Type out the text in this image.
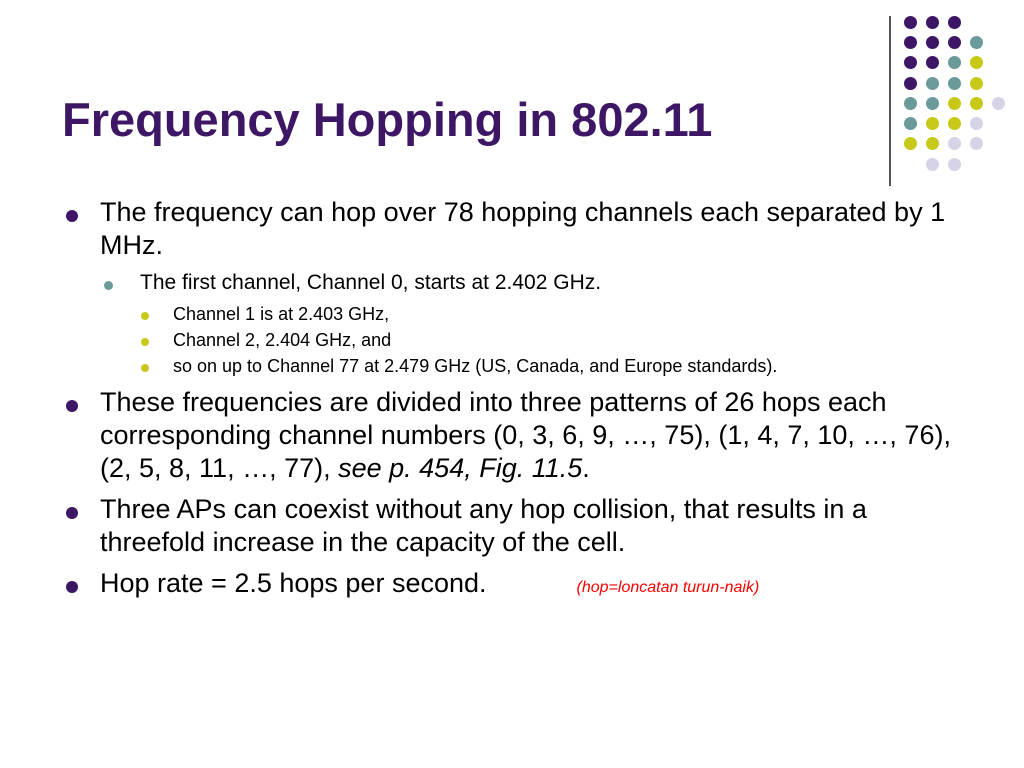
Frequency Hopping in 802.11
The frequency can hop over 78 hopping channels each separated by 1 MHz.
The first channel, Channel 0, starts at 2.402 GHz.
Channel 1 is at 2.403 GHz,
Channel 2, 2.404 GHz, and
so on up to Channel 77 at 2.479 GHz (US, Canada, and Europe standards).
These frequencies are divided into three patterns of 26 hops each corresponding channel numbers (0, 3, 6, 9, …, 75), (1, 4, 7, 10, …, 76), (2, 5, 8, 11, …, 77), see p. 454, Fig. 11.5.
Three APs can coexist without any hop collision, that results in a threefold increase in the capacity of the cell.
Hop rate = 2.5 hops per second.	(hop=loncatan turun-naik)
